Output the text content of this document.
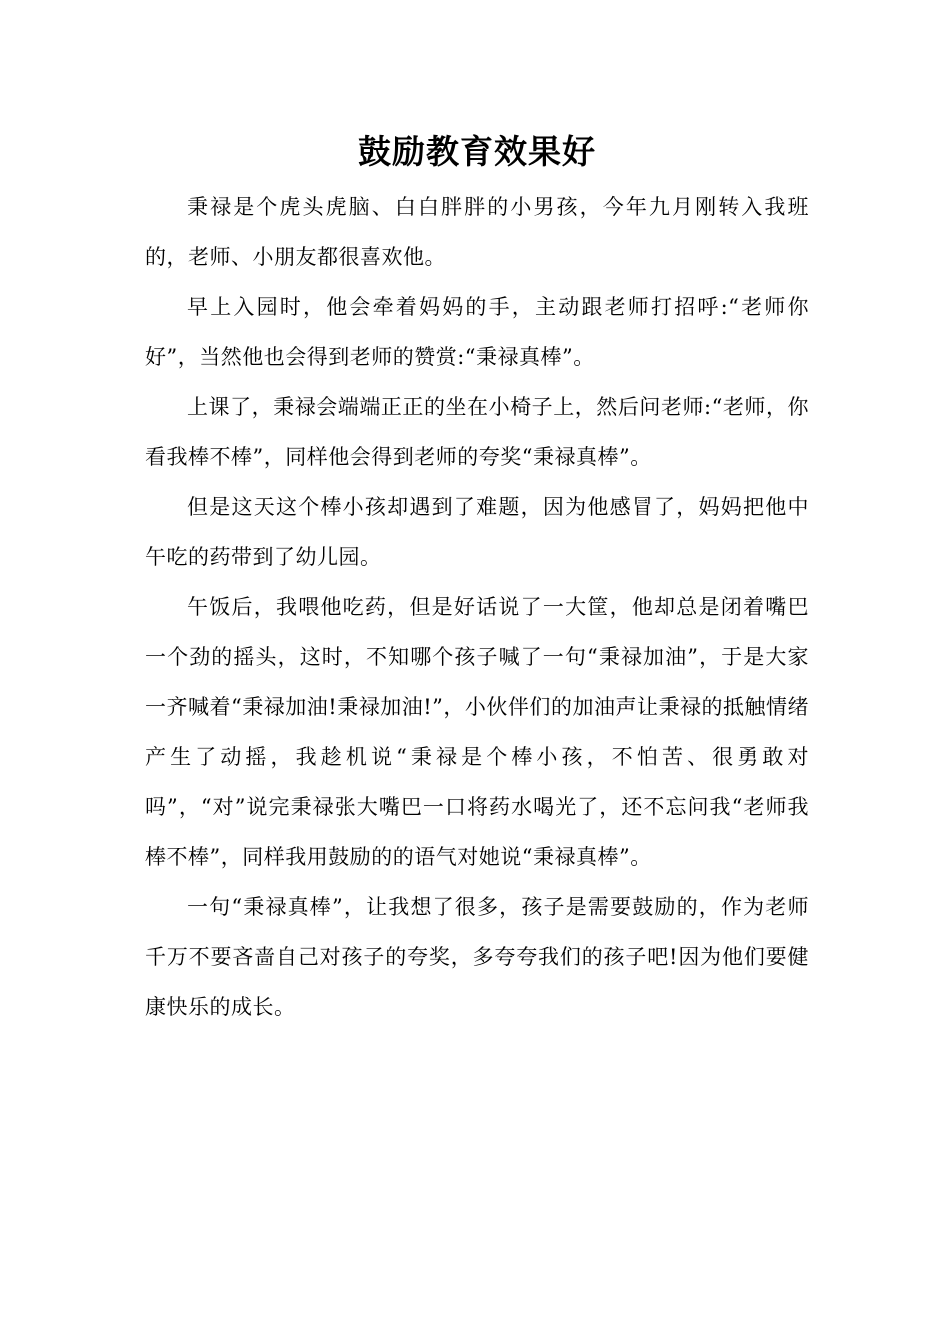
鼓励教育效果好

秉禄是个虎头虎脑、白白胖胖的小男孩，今年九月刚转入我班的，老师、小朋友都很喜欢他。

早上入园时，他会牵着妈妈的手，主动跟老师打招呼:“老师你好”，当然他也会得到老师的赞赏:“秉禄真棒”。

上课了，秉禄会端端正正的坐在小椅子上，然后问老师:“老师，你看我棒不棒”，同样他会得到老师的夸奖“秉禄真棒”。

但是这天这个棒小孩却遇到了难题，因为他感冒了，妈妈把他中午吃的药带到了幼儿园。

午饭后，我喂他吃药，但是好话说了一大筐，他却总是闭着嘴巴一个劲的摇头，这时，不知哪个孩子喊了一句“秉禄加油”，于是大家一齐喊着“秉禄加油!秉禄加油!”，小伙伴们的加油声让秉禄的抵触情绪产生了动摇，我趁机说“秉禄是个棒小孩，不怕苦、很勇敢对吗”，“对”说完秉禄张大嘴巴一口将药水喝光了，还不忘问我“老师我棒不棒”，同样我用鼓励的的语气对她说“秉禄真棒”。

一句“秉禄真棒”，让我想了很多，孩子是需要鼓励的，作为老师千万不要吝啬自己对孩子的夸奖，多夸夸我们的孩子吧!因为他们要健康快乐的成长。
